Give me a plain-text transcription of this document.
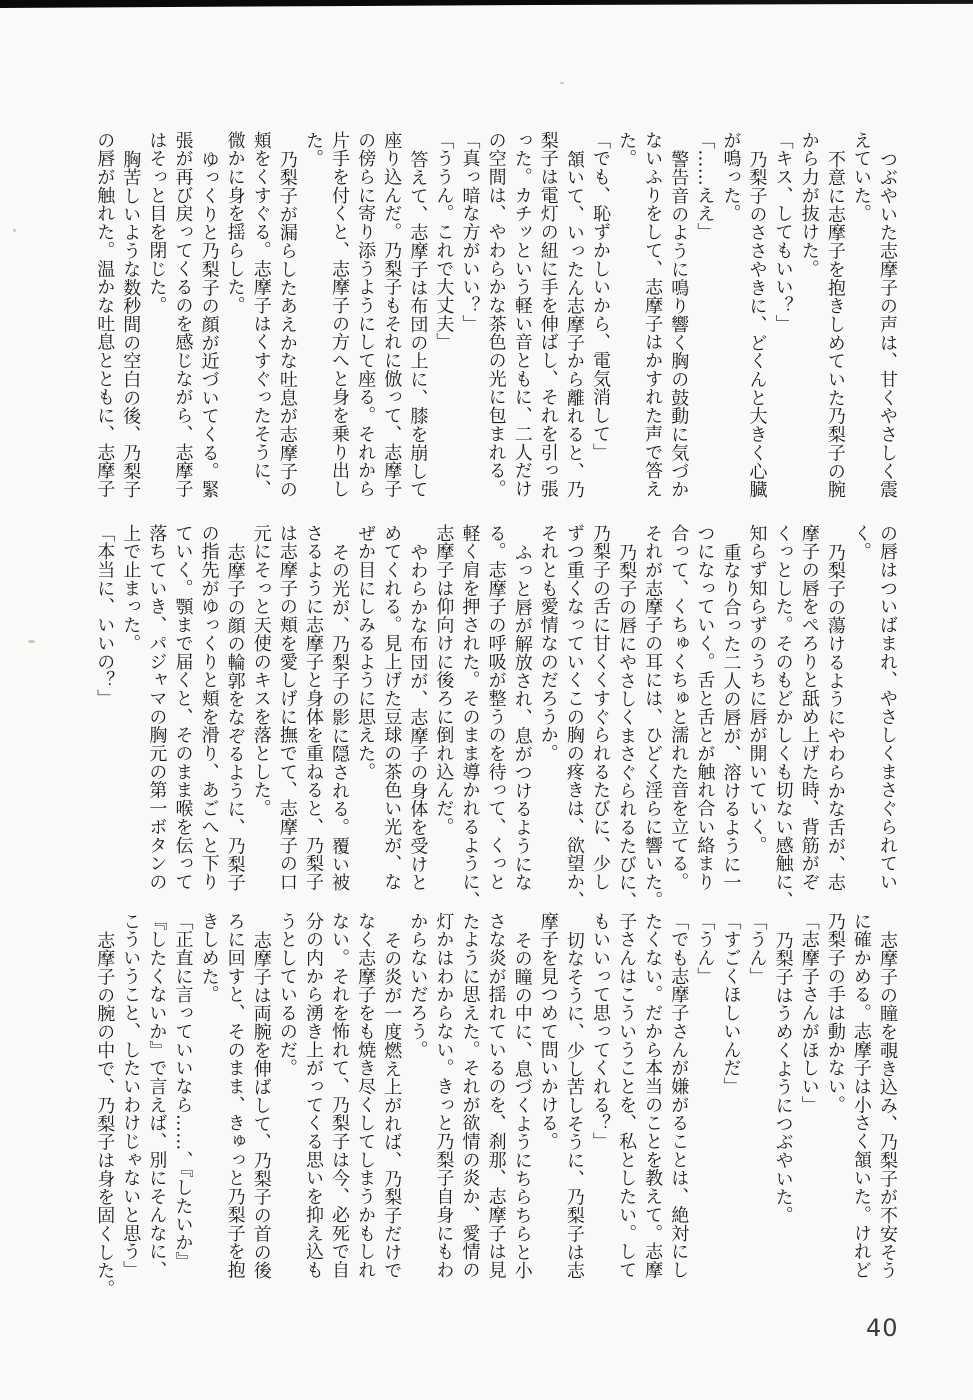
つぶやいた志摩子の声は、甘くやさしく震

えていた。

不意に志摩子を抱きしめていた乃梨子の腕

から力が抜けた。

「キス、してもいい？」

乃梨子のささやきに、どくんと大きく心臓

が鳴った。

「……ええ」

警告音のように鳴り響く胸の鼓動に気づか

ないふりをして、志摩子はかすれた声で答え

た。

「でも、恥ずかしいから、電気消して」

頷いて、いったん志摩子から離れると、乃

梨子は電灯の紐に手を伸ばし、それを引っ張

った。カチッという軽い音ともに、二人だけ

の空間は、やわらかな茶色の光に包まれる。

「真っ暗な方がいい？」

「ううん。これで大丈夫」

答えて、志摩子は布団の上に、膝を崩して

座り込んだ。乃梨子もそれに倣って、志摩子

の傍らに寄り添うようにして座る。それから

片手を付くと、志摩子の方へと身を乗り出し

た。

乃梨子が漏らしたあえかな吐息が志摩子の

頬をくすぐる。志摩子はくすぐったそうに、

微かに身を揺らした。

ゆっくりと乃梨子の顔が近づいてくる。緊

張が再び戻ってくるのを感じながら、志摩子

はそっと目を閉じた。

胸苦しいような数秒間の空白の後、乃梨子

の唇が触れた。温かな吐息とともに、志摩子

の唇はついばまれ、やさしくまさぐられてい

く。

乃梨子の蕩けるようにやわらかな舌が、志

摩子の唇をぺろりと舐め上げた時、背筋がぞ

くっとした。そのもどかしくも切ない感触に、

知らず知らずのうちに唇が開いていく。

重なり合った二人の唇が、溶けるように一

つになっていく。舌と舌とが触れ合い絡まり

合って、くちゅくちゅと濡れた音を立てる。

それが志摩子の耳には、ひどく淫らに響いた。

乃梨子の唇にやさしくまさぐられるたびに、

乃梨子の舌に甘くくすぐられるたびに、少し

ずつ重くなっていくこの胸の疼きは、欲望か、

それとも愛情なのだろうか。

ふっと唇が解放され、息がつけるようにな

る。志摩子の呼吸が整うのを待って、くっと

軽く肩を押された。そのまま導かれるように、

志摩子は仰向けに後ろに倒れ込んだ。

やわらかな布団が、志摩子の身体を受けと

めてくれる。見上げた豆球の茶色い光が、な

ぜか目にしみるように思えた。

その光が、乃梨子の影に隠される。覆い被

さるように志摩子と身体を重ねると、乃梨子

は志摩子の頬を愛しげに撫でて、志摩子の口

元にそっと天使のキスを落とした。

志摩子の顔の輪郭をなぞるように、乃梨子

の指先がゆっくりと頬を滑り、あごへと下り

ていく。顎まで届くと、そのまま喉を伝って

落ちていき、パジャマの胸元の第一ボタンの

上で止まった。

「本当に、いいの？」

志摩子の瞳を覗き込み、乃梨子が不安そう

に確かめる。志摩子は小さく頷いた。けれど

乃梨子の手は動かない。

「志摩子さんがほしい」

乃梨子はうめくようにつぶやいた。

「うん」

「すごくほしいんだ」

「うん」

「でも志摩子さんが嫌がることは、絶対にし

たくない。だから本当のことを教えて。志摩

子さんはこういうことを、私としたい。して

もいいって思ってくれる？」

切なそうに、少し苦しそうに、乃梨子は志

摩子を見つめて問いかける。

その瞳の中に、息づくようにちらちらと小

さな炎が揺れているのを、刹那、志摩子は見

たように思えた。それが欲情の炎か、愛情の

灯かはわからない。きっと乃梨子自身にもわ

からないだろう。

その炎が一度燃え上がれば、乃梨子だけで

なく志摩子をも焼き尽くしてしまうかもしれ

ない。それを怖れて、乃梨子は今、必死で自

分の内から湧き上がってくる思いを抑え込も

うとしているのだ。

志摩子は両腕を伸ばして、乃梨子の首の後

ろに回すと、そのまま、きゅっと乃梨子を抱

きしめた。

「正直に言っていいなら……、『したいか』

『したくないか』で言えば、別にそんなに、

こういうこと、したいわけじゃないと思う」

志摩子の腕の中で、乃梨子は身を固くした。

40
